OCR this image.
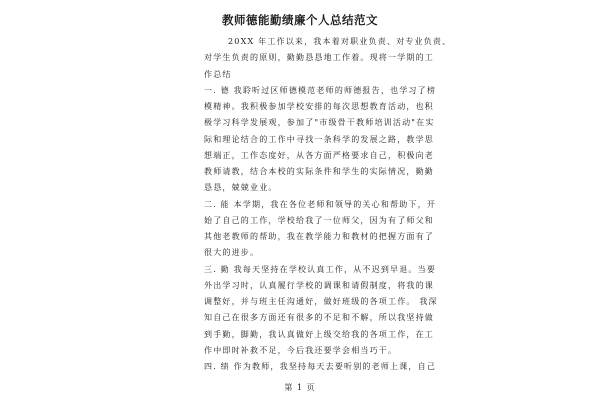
教师德能勤绩廉个人总结范文
20XX 年工作以来，我本着对职业负责、对专业负责、
对学生负责的原则，勤勤恳恳地工作着。现将一学期的工
作总结
一. 德 我聆听过区师德模范老师的师德报告，也学习了榜
模精神。我积极参加学校安排的每次思想教育活动，也积
极学习科学发展观，参加了"市级骨干教师培训活动"在实
际和理论结合的工作中寻找一条科学的发展之路，教学思
想端正，工作态度好，从各方面严格要求自己，积极向老
教师请教，结合本校的实际条件和学生的实际情况，勤勤
恳恳，兢兢业业。
二. 能 本学期，我在各位老师和领导的关心和帮助下，开
始了自己的工作，学校给我了一位师父，因为有了师父和
其他老教师的帮助，我在教学能力和教材的把握方面有了
很大的进步。
三. 勤 我每天坚持在学校认真工作，从不迟到早退。当要
外出学习时，认真履行学校的调课和请假制度，将我的课
调整好，并与班主任沟通好，做好班级的各项工作。 我深
知自己在很多方面还有很多的不足和不解，所以我坚持做
到手勤，脚勤，我认真做好上级交给我的各项工作，在工
作中即时补救不足，今后我还要学会相当巧干。
四. 绩 作为教师，我坚持每天去要听别的老师上课，自己
第 1 页
